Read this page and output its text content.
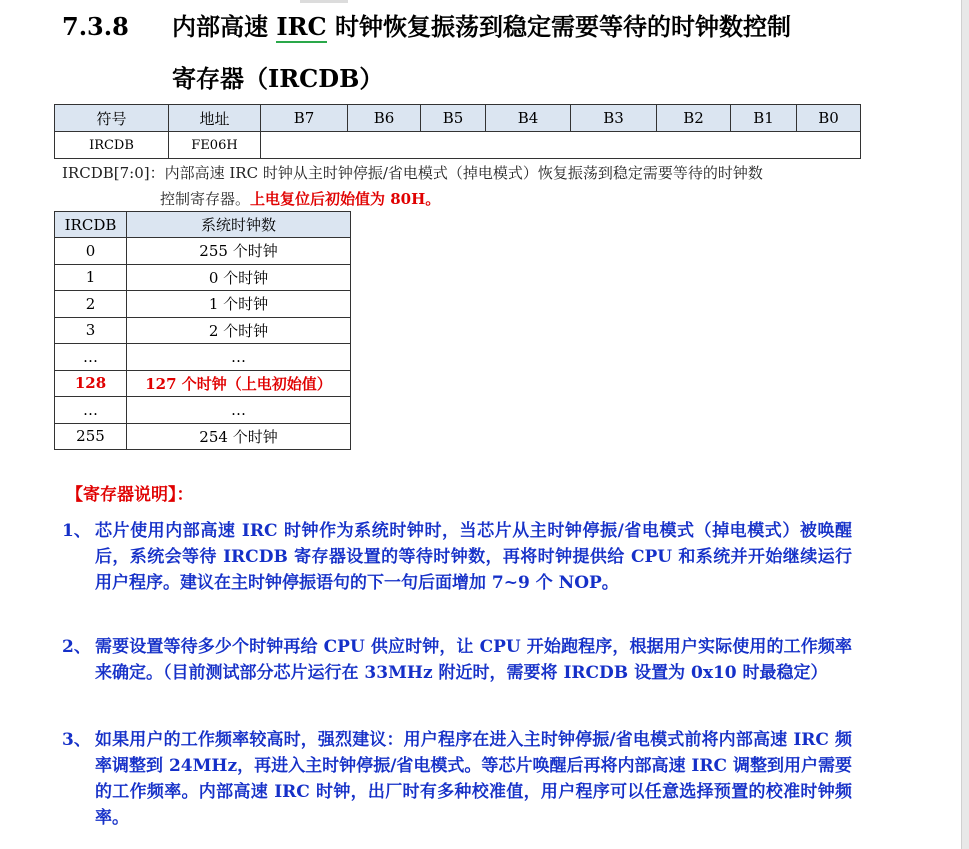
7.3.8 内部高速 IRC 时钟恢复振荡到稳定需要等待的时钟数控制
寄存器（IRCDB）
符号	地址	B7	B6	B5	B4	B3	B2	B1	B0
IRCDB	FE06H								
IRCDB[7:0]：内部高速 IRC 时钟从主时钟停振/省电模式（掉电模式）恢复振荡到稳定需要等待的时钟数
控制寄存器。上电复位后初始值为 80H。
IRCDB	系统时钟数
0	255 个时钟
1	0 个时钟
2	1 个时钟
3	2 个时钟
…	…
128	127 个时钟（上电初始值）
…	…
255	254 个时钟
【寄存器说明】：
1、 芯片使用内部高速 IRC 时钟作为系统时钟时，当芯片从主时钟停振/省电模式（掉电模式）被唤醒后，系统会等待 IRCDB 寄存器设置的等待时钟数，再将时钟提供给 CPU 和系统并开始继续运行用户程序。建议在主时钟停振语句的下一句后面增加 7~9 个 NOP。
2、 需要设置等待多少个时钟再给 CPU 供应时钟，让 CPU 开始跑程序，根据用户实际使用的工作频率来确定。（目前测试部分芯片运行在 33MHz 附近时，需要将 IRCDB 设置为 0x10 时最稳定）
3、 如果用户的工作频率较高时，强烈建议：用户程序在进入主时钟停振/省电模式前将内部高速 IRC 频率调整到 24MHz，再进入主时钟停振/省电模式。等芯片唤醒后再将内部高速 IRC 调整到用户需要的工作频率。内部高速 IRC 时钟，出厂时有多种校准值，用户程序可以任意选择预置的校准时钟频率。
